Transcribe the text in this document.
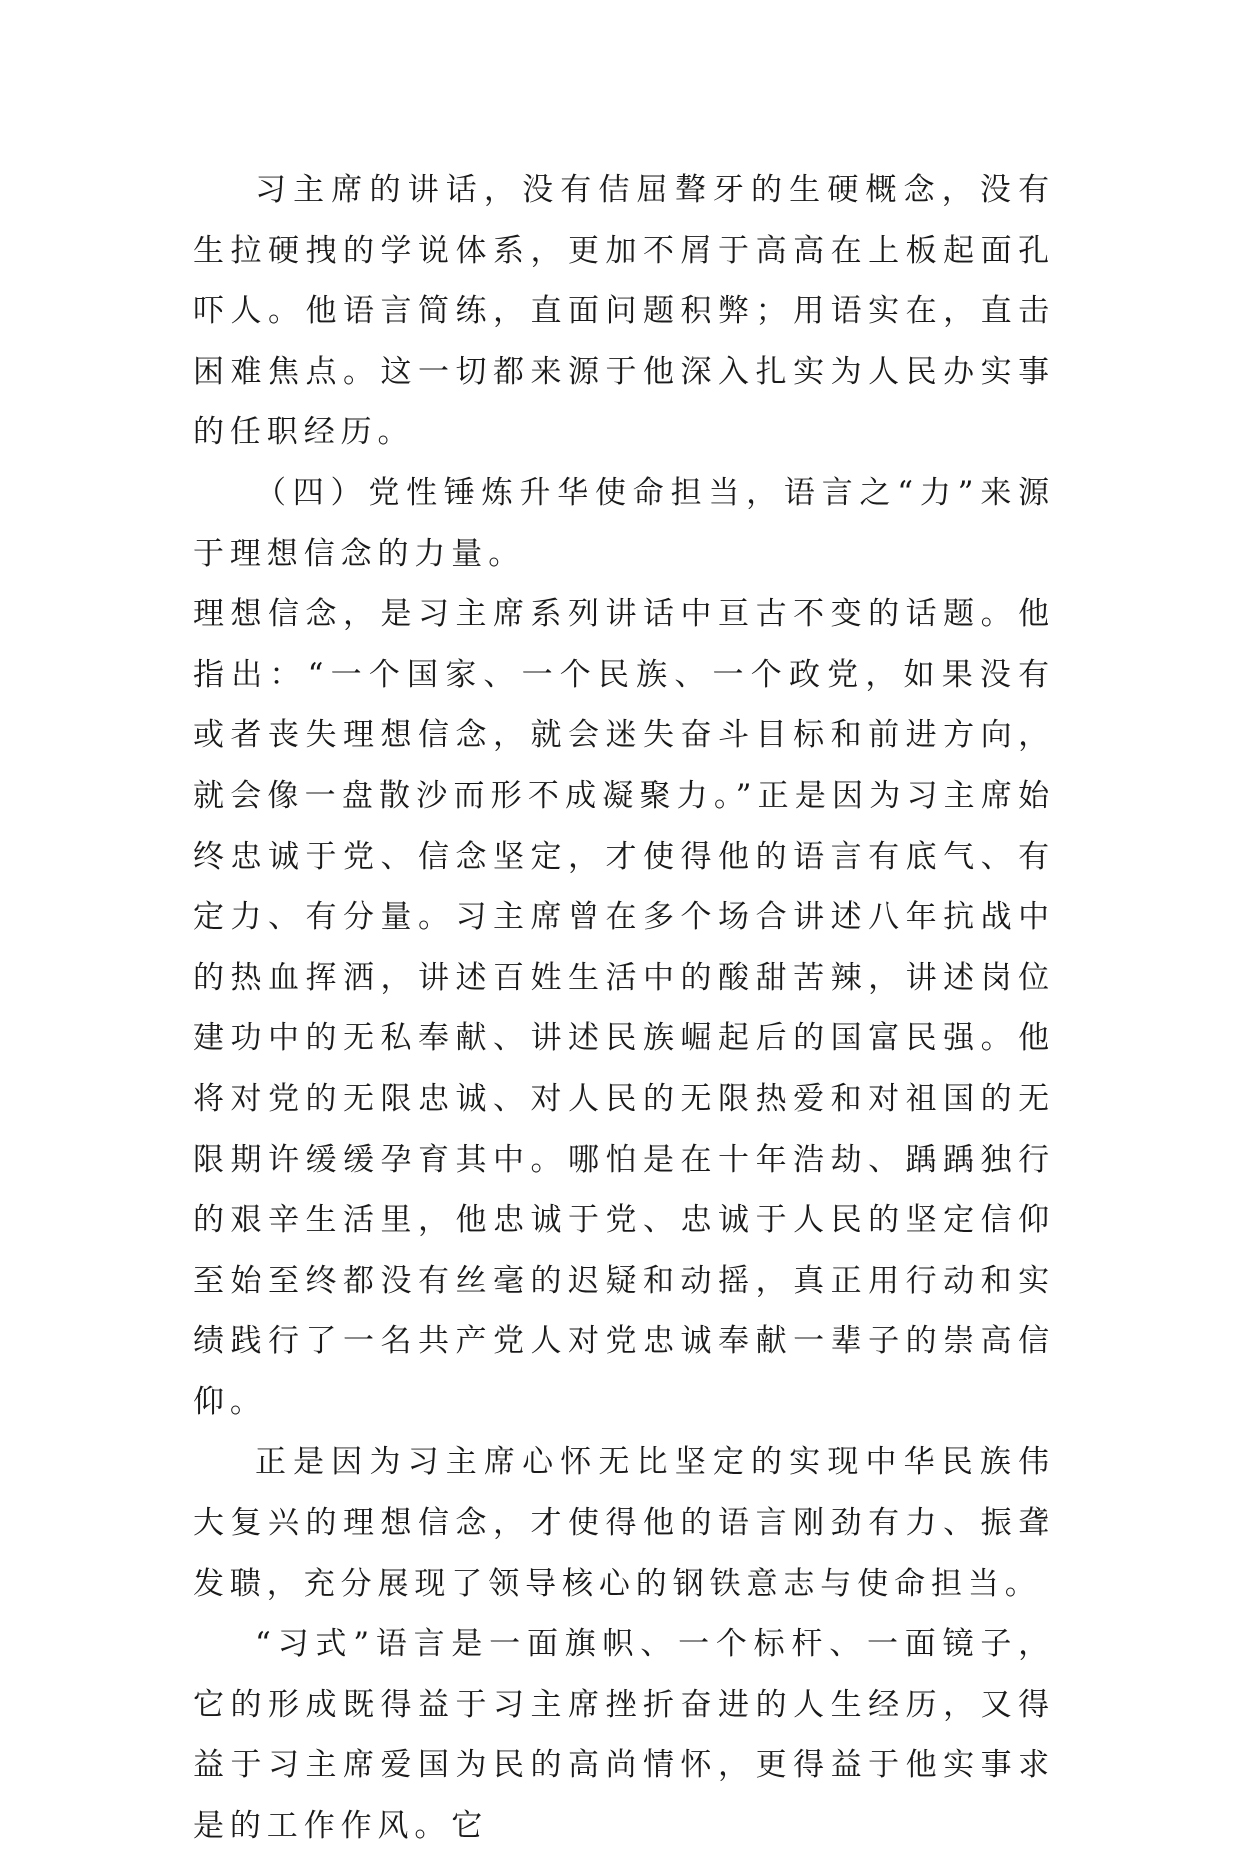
习主席的讲话，没有佶屈聱牙的生硬概念，没有生拉硬拽的学说体系，更加不屑于高高在上板起面孔吓人。他语言简练，直面问题积弊；用语实在，直击困难焦点。这一切都来源于他深入扎实为人民办实事的任职经历。

（四）党性锤炼升华使命担当，语言之“力”来源于理想信念的力量。

理想信念，是习主席系列讲话中亘古不变的话题。他指出：“一个国家、一个民族、一个政党，如果没有或者丧失理想信念，就会迷失奋斗目标和前进方向，就会像一盘散沙而形不成凝聚力。”正是因为习主席始终忠诚于党、信念坚定，才使得他的语言有底气、有定力、有分量。习主席曾在多个场合讲述八年抗战中的热血挥洒，讲述百姓生活中的酸甜苦辣，讲述岗位建功中的无私奉献、讲述民族崛起后的国富民强。他将对党的无限忠诚、对人民的无限热爱和对祖国的无限期许缓缓孕育其中。哪怕是在十年浩劫、踽踽独行的艰辛生活里，他忠诚于党、忠诚于人民的坚定信仰至始至终都没有丝毫的迟疑和动摇，真正用行动和实绩践行了一名共产党人对党忠诚奉献一辈子的崇高信仰。

正是因为习主席心怀无比坚定的实现中华民族伟大复兴的理想信念，才使得他的语言刚劲有力、振聋发聩，充分展现了领导核心的钢铁意志与使命担当。

“习式”语言是一面旗帜、一个标杆、一面镜子，它的形成既得益于习主席挫折奋进的人生经历，又得益于习主席爱国为民的高尚情怀，更得益于他实事求是的工作作风。它
